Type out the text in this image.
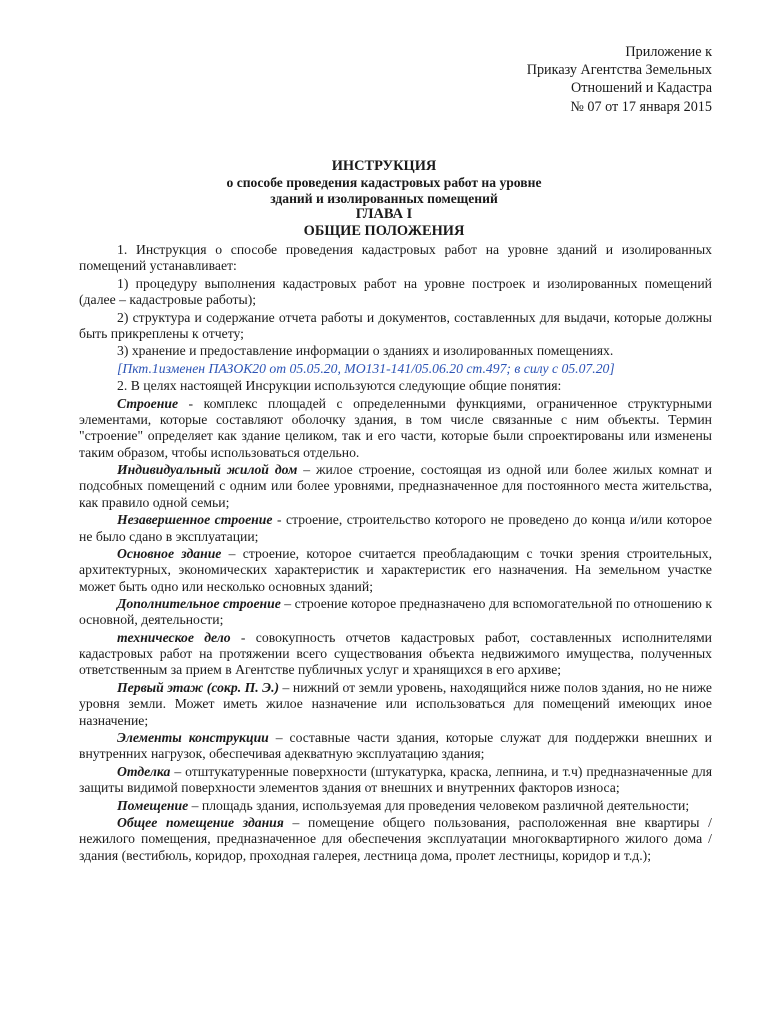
Приложение к
Приказу Агентства Земельных
Отношений и Кадастра
№ 07 от 17 января 2015
ИНСТРУКЦИЯ
о способе проведения кадастровых работ на уровне
зданий и изолированных помещений
ГЛАВА I
ОБЩИЕ ПОЛОЖЕНИЯ

1. Инструкция о способе проведения кадастровых работ на уровне зданий и изолированных помещений устанавливает:

1) процедуру выполнения кадастровых работ на уровне построек и изолированных помещений (далее – кадастровые работы);

2) структура и содержание отчета работы и документов, составленных для выдачи, которые должны быть прикреплены к отчету;

3) хранение и предоставление информации о зданиях и изолированных помещениях.

[Пкт.1изменен ПАЗОК20 от 05.05.20, MO131-141/05.06.20 ст.497; в силу с 05.07.20]

2. В целях настоящей Инсрукции используются следующие общие понятия:

Строение - комплекс площадей с определенными функциями, ограниченное структурными элементами, которые составляют оболочку здания, в том числе связанные с ним объекты. Термин "строение" определяет как здание целиком, так и его части, которые были спроектированы или изменены таким образом, чтобы использоваться отдельно.

Индивидуальный жилой дом – жилое строение, состоящая из одной или более жилых комнат и подсобных помещений с одним или более уровнями, предназначенное для постоянного места жительства, как правило одной семьи;

Незавершенное строение - строение, строительство которого не проведено до конца и/или которое не было сдано в эксплуатации;

Основное здание – строение, которое считается преобладающим с точки зрения строительных, архитектурных, экономических характеристик и характеристик его назначения. На земельном участке может быть одно или несколько основных зданий;

Дополнительное строение – строение которое предназначено для вспомогательной по отношению к основной, деятельности;

техническое дело - совокупность отчетов кадастровых работ, составленных исполнителями кадастровых работ на протяжении всего существования объекта недвижимого имущества, полученных ответственным за прием в Агентстве публичных услуг и хранящихся в его архиве;

Первый этаж (сокр. П. Э.) – нижний от земли уровень, находящийся ниже полов здания, но не ниже уровня земли. Может иметь жилое назначение или использоваться для помещений имеющих иное назначение;

Элементы конструкции – составные части здания, которые служат для поддержки внешних и внутренних нагрузок, обеспечивая адекватную эксплуатацию здания;

Отделка – отштукатуренные поверхности (штукатурка, краска, лепнина, и т.ч) предназначенные для защиты видимой поверхности элементов здания от внешних и внутренних факторов износа;

Помещение – площадь здания, используемая для проведения человеком различной деятельности;

Общее помещение здания – помещение общего пользования, расположенная вне квартиры /нежилого помещения, предназначенное для обеспечения эксплуатации многоквартирного жилого дома / здания (вестибюль, коридор, проходная галерея, лестница дома, пролет лестницы, коридор и т.д.);
